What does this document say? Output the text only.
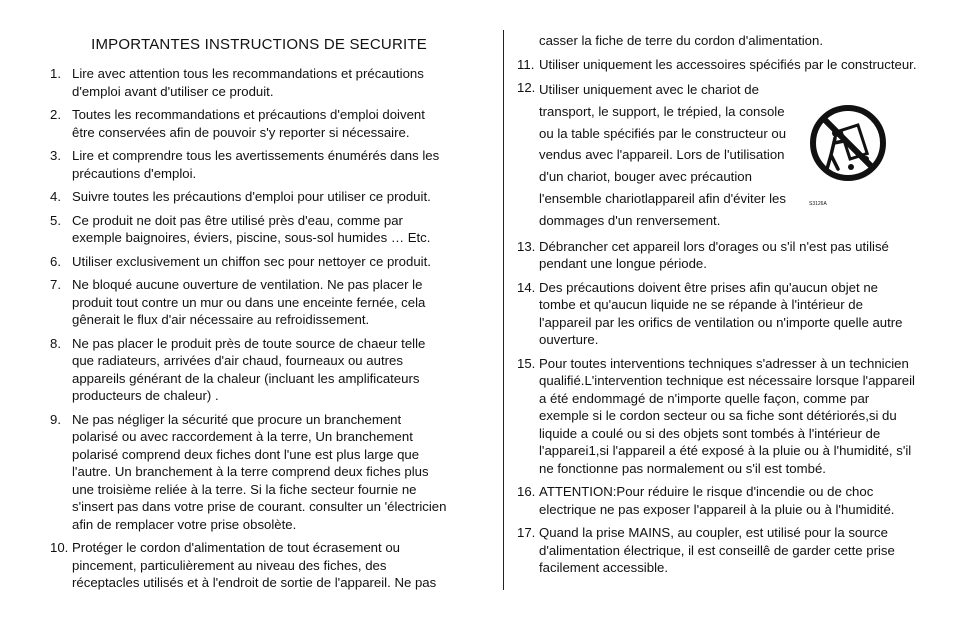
IMPORTANTES INSTRUCTIONS DE SECURITE
1. Lire avec attention tous les recommandations et précautions d'emploi avant d'utiliser ce produit.
2. Toutes les recommandations et précautions d'emploi doivent être conservées afin de pouvoir s'y reporter si nécessaire.
3. Lire et comprendre tous les avertissements énumérés dans les précautions d'emploi.
4. Suivre toutes les précautions d'emploi pour utiliser ce produit.
5. Ce produit ne doit pas être utilisé près d'eau, comme par exemple baignoires, éviers, piscine, sous-sol humides … Etc.
6. Utiliser exclusivement un chiffon sec pour nettoyer ce produit.
7. Ne bloqué aucune ouverture de ventilation. Ne pas placer le produit tout contre un mur ou dans une enceinte fernée, cela gênerait le flux d'air nécessaire au refroidissement.
8. Ne pas placer le produit près de toute source de chaeur telle que radiateurs, arrivées d'air chaud, fourneaux ou autres appareils générant de la chaleur (incluant les amplificateurs producteurs de chaleur) .
9. Ne pas négliger la sécurité que procure un branchement polarisé ou avec raccordement à la terre, Un branchement polarisé comprend deux fiches dont l'une est plus large que l'autre. Un branchement à la terre comprend deux fiches plus une troisième reliée à la terre. Si la fiche secteur fournie ne s'insert pas dans votre prise de courant. consulter un 'électricien afin de remplacer votre prise obsolète.
10. Protéger le cordon d'alimentation de tout écrasement ou pincement, particulièrement au niveau des fiches, des réceptacles utilisés et à l'endroit de sortie de l'appareil. Ne pas
casser la fiche de terre du cordon d'alimentation.
11. Utiliser uniquement les accessoires spécifiés par le constructeur.
12. Utiliser uniquement avec le chariot de transport, le support, le trépied, la console ou la table spécifiés par le constructeur ou vendus avec l'appareil. Lors de l'utilisation d'un chariot, bouger avec précaution l'ensemble chariotlappareil afin d'éviter les dommages d'un renversement.
13. Débrancher cet appareil lors d'orages ou s'il n'est pas utilisé pendant une longue période.
14. Des précautions doivent être prises afin qu'aucun objet ne tombe et qu'aucun liquide ne se répande à l'intérieur de l'appareil par les orifics de ventilation ou n'importe quelle autre ouverture.
15. Pour toutes interventions techniques s'adresser à un technicien qualifié.L'intervention technique est nécessaire lorsque l'appareil a été endommagé de n'importe quelle façon, comme par exemple si le cordon secteur ou sa fiche sont détériorés,si du liquide a coulé ou si des objets sont tombés à l'intérieur de l'apparei1,si l'appareil a été exposé à la pluie ou à l'humidité, s'il ne fonctionne pas normalement ou s'il est tombé.
16. ATTENTION:Pour réduire le risque d'incendie ou de choc electrique ne pas exposer l'appareil à la pluie ou à l'humidité.
17. Quand la prise MAINS, au coupler, est utilisé pour la source d'alimentation électrique, il est conseillê de garder cette prise facilement accessible.
S3126A
